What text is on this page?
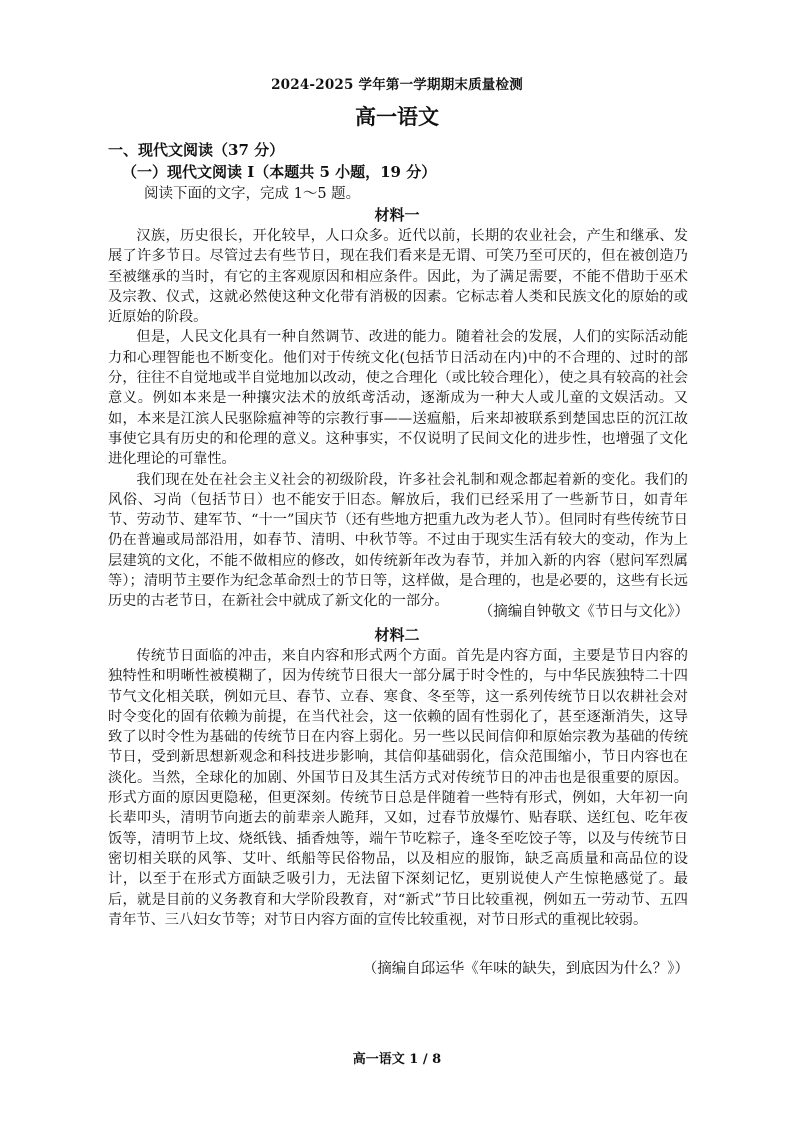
2024-2025 学年第一学期期末质量检测
高一语文
一、现代文阅读（37 分）
（一）现代文阅读 I（本题共 5 小题，19 分）
阅读下面的文字，完成 1～5 题。
材料一

汉族，历史很长，开化较早，人口众多。近代以前，长期的农业社会，产生和继承、发展了许多节日。尽管过去有些节日，现在我们看来是无谓、可笑乃至可厌的，但在被创造乃至被继承的当时，有它的主客观原因和相应条件。因此，为了满足需要，不能不借助于巫术及宗教、仪式，这就必然使这种文化带有消极的因素。它标志着人类和民族文化的原始的或近原始的阶段。

但是，人民文化具有一种自然调节、改进的能力。随着社会的发展，人们的实际活动能力和心理智能也不断变化。他们对于传统文化(包括节日活动在内)中的不合理的、过时的部分，往往不自觉地或半自觉地加以改动，使之合理化（或比较合理化），使之具有较高的社会意义。例如本来是一种攘灾法术的放纸鸢活动，逐渐成为一种大人或儿童的文娱活动。又如，本来是江滨人民驱除瘟神等的宗教行事——送瘟船，后来却被联系到楚国忠臣的沉江故事使它具有历史的和伦理的意义。这种事实，不仅说明了民间文化的进步性，也增强了文化进化理论的可靠性。

我们现在处在社会主义社会的初级阶段，许多社会礼制和观念都起着新的变化。我们的风俗、习尚（包括节日）也不能安于旧态。解放后，我们已经采用了一些新节日，如青年节、劳动节、建军节、“十一”国庆节（还有些地方把重九改为老人节）。但同时有些传统节日仍在普遍或局部沿用，如春节、清明、中秋节等。不过由于现实生活有较大的变动，作为上层建筑的文化，不能不做相应的修改，如传统新年改为春节，并加入新的内容（慰问军烈属等）；清明节主要作为纪念革命烈士的节日等，这样做，是合理的，也是必要的，这些有长远历史的古老节日，在新社会中就成了新文化的一部分。

（摘编自钟敬文《节日与文化》）
材料二

传统节日面临的冲击，来自内容和形式两个方面。首先是内容方面，主要是节日内容的独特性和明晰性被模糊了，因为传统节日很大一部分属于时令性的，与中华民族独特二十四节气文化相关联，例如元旦、春节、立春、寒食、冬至等，这一系列传统节日以农耕社会对时令变化的固有依赖为前提，在当代社会，这一依赖的固有性弱化了，甚至逐渐消失，这导致了以时令性为基础的传统节日在内容上弱化。另一些以民间信仰和原始宗教为基础的传统节日，受到新思想新观念和科技进步影响，其信仰基础弱化，信众范围缩小，节日内容也在淡化。当然，全球化的加剧、外国节日及其生活方式对传统节日的冲击也是很重要的原因。形式方面的原因更隐秘，但更深刻。传统节日总是伴随着一些特有形式，例如，大年初一向长辈叩头，清明节向逝去的前辈亲人跪拜，又如，过春节放爆竹、贴春联、送红包、吃年夜饭等，清明节上坟、烧纸钱、插香烛等，端午节吃粽子，逢冬至吃饺子等，以及与传统节日密切相关联的风筝、艾叶、纸船等民俗物品，以及相应的服饰，缺乏高质量和高品位的设计，以至于在形式方面缺乏吸引力，无法留下深刻记忆，更别说使人产生惊艳感觉了。最后，就是目前的义务教育和大学阶段教育，对“新式”节日比较重视，例如五一劳动节、五四青年节、三八妇女节等；对节日内容方面的宣传比较重视，对节日形式的重视比较弱。

（摘编自邱运华《年味的缺失，到底因为什么？》）
高一语文 1 / 8
